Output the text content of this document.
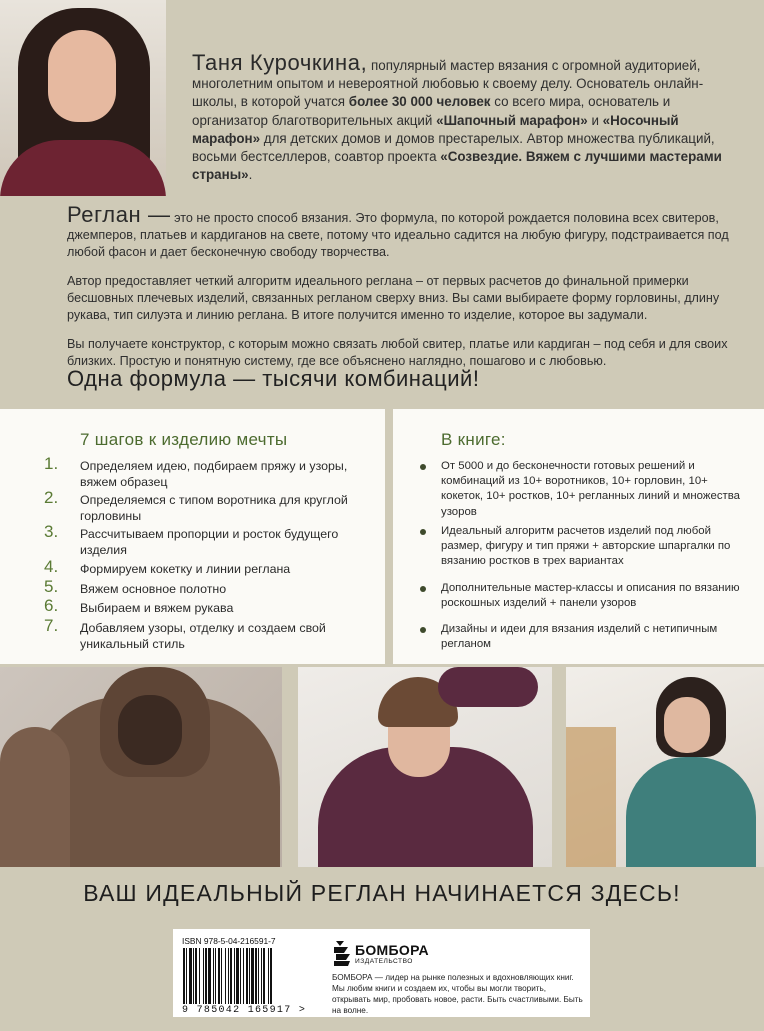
Таня Курочкина, популярный мастер вязания с огромной аудиторией, многолетним опытом и невероятной любовью к своему делу. Основатель онлайн-школы, в которой учатся более 30 000 человек со всего мира, основатель и организатор благотворительных акций «Шапочный марафон» и «Носочный марафон» для детских домов и домов престарелых. Автор множества публикаций, восьми бестселлеров, соавтор проекта «Созвездие. Вяжем с лучшими мастерами страны».
Реглан — это не просто способ вязания. Это формула, по которой рождается половина всех свитеров, джемперов, платьев и кардиганов на свете, потому что идеально садится на любую фигуру, подстраивается под любой фасон и дает бесконечную свободу творчества.
Автор предоставляет четкий алгоритм идеального реглана – от первых расчетов до финальной примерки бесшовных плечевых изделий, связанных регланом сверху вниз. Вы сами выбираете форму горловины, длину рукава, тип силуэта и линию реглана. В итоге получится именно то изделие, которое вы задумали.
Вы получаете конструктор, с которым можно связать любой свитер, платье или кардиган – под себя и для своих близких. Простую и понятную систему, где все объяснено наглядно, пошагово и с любовью.
Одна формула — тысячи комбинаций!
7 шагов к изделию мечты	В книге:
1.	Определяем идею, подбираем пряжу и узоры, вяжем образец
2.	Определяемся с типом воротника для круглой горловины
3.	Рассчитываем пропорции и росток будущего изделия
4.	Формируем кокетку и линии реглана
5.	Вяжем основное полотно
6.	Выбираем и вяжем рукава
7.	Добавляем узоры, отделку и создаем свой уникальный стиль
От 5000 и до бесконечности готовых решений и комбинаций из 10+ воротников, 10+ горловин, 10+ кокеток, 10+ ростков, 10+ регланных линий и множества узоров
Идеальный алгоритм расчетов изделий под любой размер, фигуру и тип пряжи + авторские шпаргалки по вязанию ростков в трех вариантах
Дополнительные мастер-классы и описания по вязанию роскошных изделий + панели узоров
Дизайны и идеи для вязания изделий с нетипичным регланом
ВАШ ИДЕАЛЬНЫЙ РЕГЛАН НАЧИНАЕТСЯ ЗДЕСЬ!
ISBN 978-5-04-216591-7
9 785042 165917 >
БОМБОРА
ИЗДАТЕЛЬСТВО
БОМБОРА — лидер на рынке полезных и вдохновляющих книг. Мы любим книги и создаем их, чтобы вы могли творить, открывать мир, пробовать новое, расти. Быть счастливыми. Быть на волне.
